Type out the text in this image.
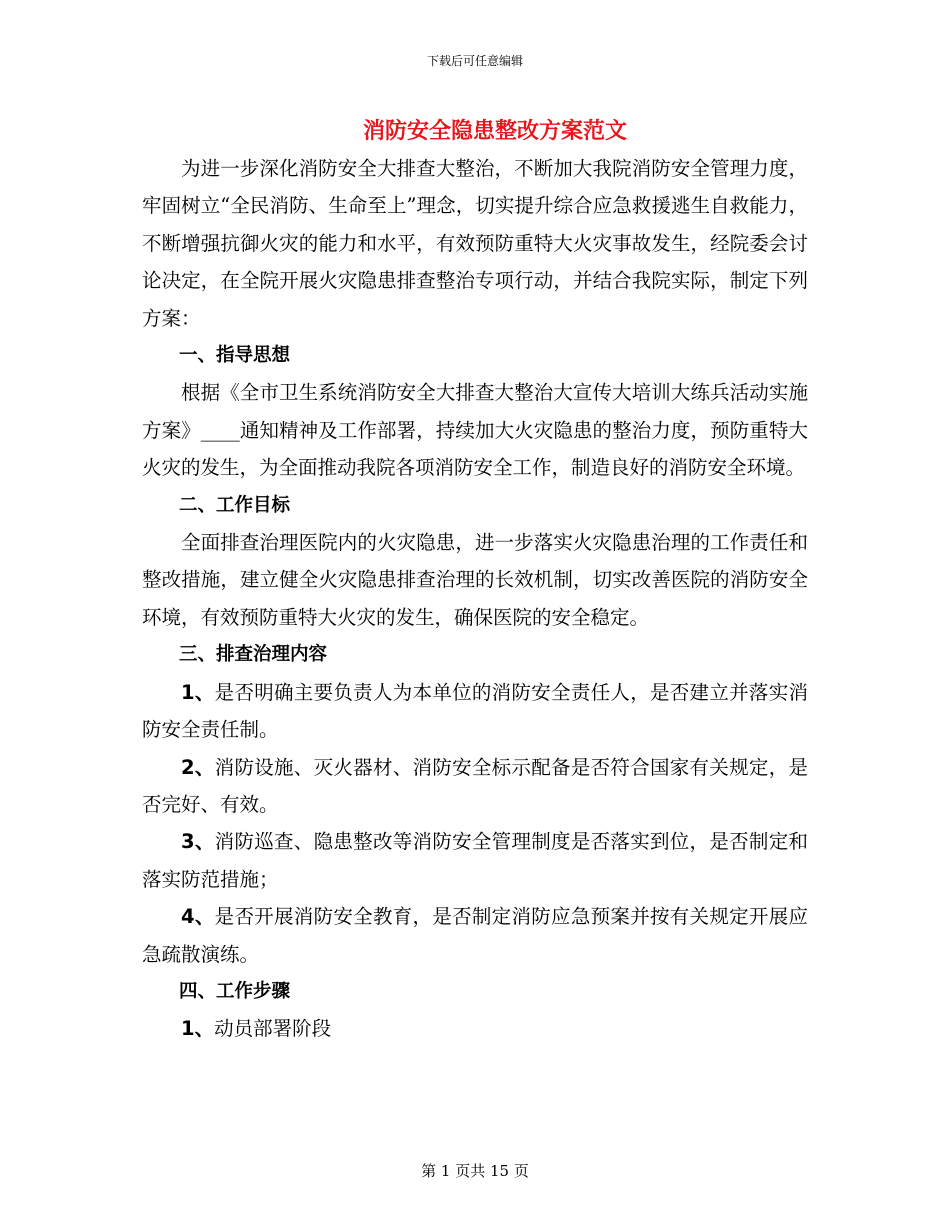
下载后可任意编辑
消防安全隐患整改方案范文

为进一步深化消防安全大排查大整治，不断加大我院消防安全管理力度，牢固树立“全民消防、生命至上”理念，切实提升综合应急救援逃生自救能力，不断增强抗御火灾的能力和水平，有效预防重特大火灾事故发生，经院委会讨论决定，在全院开展火灾隐患排查整治专项行动，并结合我院实际，制定下列方案：

一、指导思想

根据《全市卫生系统消防安全大排查大整治大宣传大培训大练兵活动实施方案》____通知精神及工作部署，持续加大火灾隐患的整治力度，预防重特大火灾的发生，为全面推动我院各项消防安全工作，制造良好的消防安全环境。

二、工作目标

全面排查治理医院内的火灾隐患，进一步落实火灾隐患治理的工作责任和整改措施，建立健全火灾隐患排查治理的长效机制，切实改善医院的消防安全环境，有效预防重特大火灾的发生，确保医院的安全稳定。

三、排查治理内容

1、是否明确主要负责人为本单位的消防安全责任人，是否建立并落实消防安全责任制。

2、消防设施、灭火器材、消防安全标示配备是否符合国家有关规定，是否完好、有效。

3、消防巡查、隐患整改等消防安全管理制度是否落实到位，是否制定和落实防范措施；

4、是否开展消防安全教育，是否制定消防应急预案并按有关规定开展应急疏散演练。

四、工作步骤

1、动员部署阶段

第 1 页共 15 页
